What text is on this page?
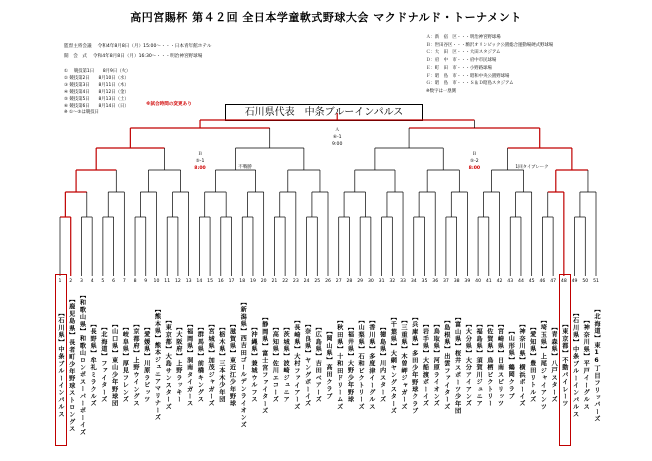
高円宮賜杯 第４２回 全日本学童軟式野球大会 マクドナルド・トーナメント
監督主将会議　 令和4年8月8日（月）15:00～・・・日本青年館ホテル
開　会　式　 令和4年8月8日（月）16:30～・・・明治神宮野球場
① 　競技第1日　　8月9日（火）
② 競技第2日　　8月10日（水）
③ 競技第3日　　8月11日（木）
④ 競技第4日　　8月12日（金）
⑤ 競技第5日　　8月13日（土）
⑥ 競技第6日　　8月14日（日）
※ ①～⑤は競技日
Ａ：新　宿　区・・・明治神宮野球場
Ｂ：世田谷区・・・駒沢オリンピック公園総合運動場硬式野球場
Ｃ：大　田　区・・・大田スタジアム
Ｄ：府　中　市・・・府中市民球場
Ｅ：町　田　市・・・小野路球場
Ｆ：昭　島　市・・・昭和中央公園野球場
Ｇ：昭　島　市・・・Ｓ＆Ｄ昭島スタジアム
※数字は一塁側
※試合時間の変更あり
石川県代表　中条ブルーインパルス
1 2 3 4 5 6 7 8 9 10 11 12 13 14 15 16 17 18 19 20 21 22 23 24 25 26 27 28 29 30 31 32 33 34 35 36 37 38 39 40 41 42 43 44 45 46 47 48 49 50 51
Ａ
⑥-1
9:00
Ｂ
⑤-1
8:00
Ｂ
⑤-2
8:00
不戦勝	1回タイブレーク
【石川県】中条ブルーインパルス 【鹿児島県】長者町少年野球ストロングス 【和歌山県】和歌山ロンポスーパーボーイズ 【長野県】牟礼ミラクルズ 【北海道】ファイターズ 【山口県】東山少年野球団 【岐阜県】厚見フレンズ 【京都府】上野ウイングス 【愛媛県】川原ラビッツ 【熊本県】熊本ジュニアマリナーズ 【東京都】大島サンスターズ 【大阪府】上野ラッキー 【福岡県】洞南タイガース 【群馬県】前橋キングス 【宮城県】加茂ジャガーズ 【栃木県】三本木少年団 【滋賀県】東近江少年野球 【新潟県】西吉田ゴールデンライオンズ 【沖縄県】兼城ウルフス 【静岡県】富士宮ファイターズ 【高知県】佐川エコーズ 【茨城県】波崎ジュニア 【長崎県】大村ファイアーズ 【奈良県】ヤングボーイズ 【広島県】吉田ベアーズ 【岡山県】高田クラブ 【秋田県】十和田ドリームズ 【福井県】大野少年野球 【山梨県】石和ビクトリーズ 【香川県】多度津イーグルス 【徳島県】川内スターズ 【千葉県】大網ヤングスターズ 【三重県】木曽岬ジャガーズ 【兵庫県】多田少年野球クラブ 【岩手県】大船渡ボーイズ 【鳥取県】河原ライオンズ 【島根県】出雲ファイターズ 【富山県】桜井スポーツ少年団 【大分県】大分アイアンズ 【福島県】須賀川ジュニア 【佐賀県】鳥栖ビクトリー 【宮崎県】日南スピリッツ 【山形県】鶴岡クラブ 【神奈川県】横浜ボーイズ 【愛知県】豊田リトルズ 【埼玉県】上尾ジャイアンツ 【青森県】八戸スターズ 【東京都】不動パイレーツ 【石川県】中条ブルーインパルス 【神奈川県】平戸イーグルス 【北海道】東16丁目フリッパーズ
